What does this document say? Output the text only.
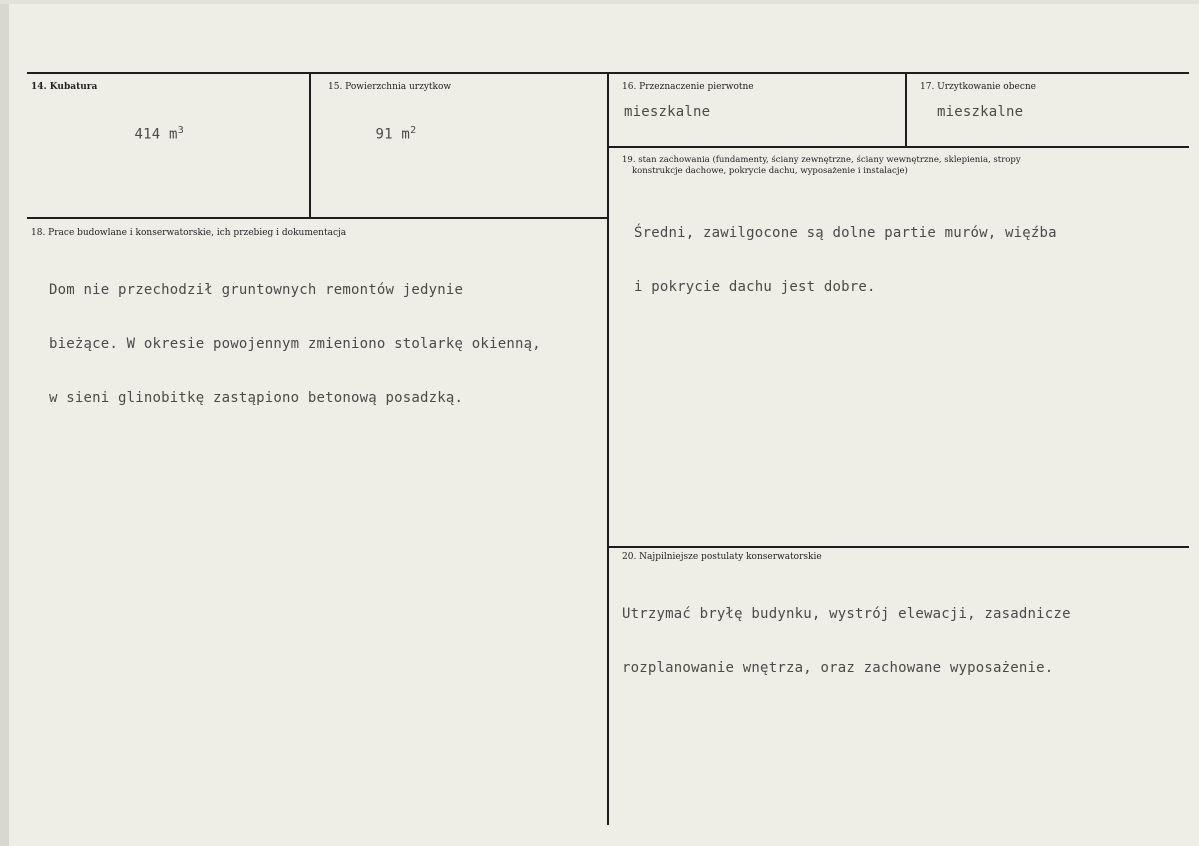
14. Kubatura

414 $m^3$

15. Powierzchnia urzytkow

91 $m^2$

16. Przeznaczenie pierwotne
mieszkalne
17. Urzytkowanie obecne
mieszkalne
19. stan zachowania (fundamenty, ściany zewnętrzne, ściany wewnętrzne, sklepienia, stropy
konstrukcje dachowe, pokrycie dachu, wyposażenie i instalacje)

Średni, zawilgocone są dolne partie murów, więźba

i pokrycie dachu jest dobre.

18. Prace budowlane i konserwatorskie, ich przebieg i dokumentacja

Dom nie przechodził gruntownych remontów jedynie

bieżące. W okresie powojennym zmieniono stolarkę okienną,

w sieni glinobitkę zastąpiono betonową posadzką.

20. Najpilniejsze postulaty konserwatorskie

Utrzymać bryłę budynku, wystrój elewacji, zasadnicze

rozplanowanie wnętrza, oraz zachowane wyposażenie.
